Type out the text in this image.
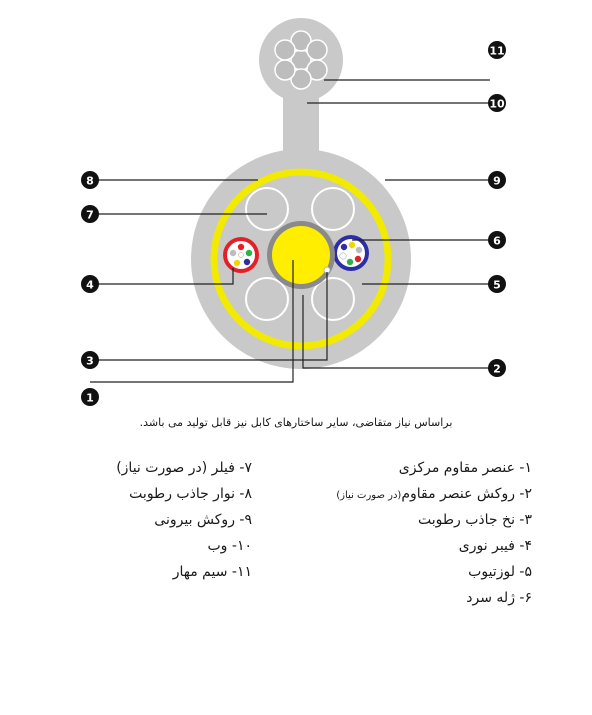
11
10
9
6
5
2
8
7
4
3
1
براساس نیاز متقاضی، سایر ساختارهای کابل نیز قابل تولید می باشد.
۱- عنصر مقاوم مرکزی
۲- روکش عنصر مقاوم(در صورت نیاز)
۳- نخ جاذب رطوبت
۴- فیبر نوری
۵- لوزتیوب
۶- ژله سرد
۷- فیلر (در صورت نیاز)
۸- نوار جاذب رطوبت
۹- روکش بیرونی
۱۰- وب
۱۱- سیم مهار
